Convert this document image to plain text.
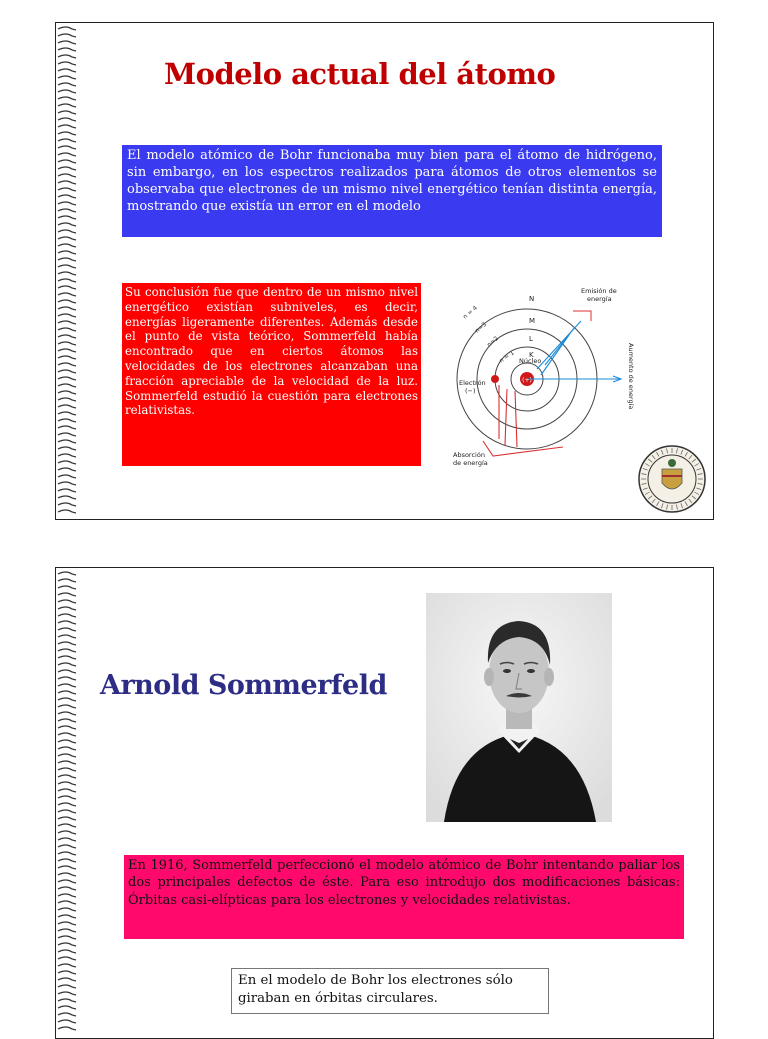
Modelo actual del átomo
El modelo atómico de Bohr funcionaba muy bien para el átomo de hidrógeno, sin embargo, en los espectros realizados para átomos de otros elementos se observaba que electrones de un mismo nivel energético tenían distinta energía, mostrando que existía un error en el modelo
Su conclusión fue que dentro de un mismo nivel energético existían subniveles, es decir, energías ligeramente diferentes. Además desde el punto de vista teórico, Sommerfeld había encontrado que en ciertos átomos las velocidades de los electrones alcanzaban una fracción apreciable de la velocidad de la luz. Sommerfeld estudió la cuestión para electrones relativistas.
(+)
Núcleo
Electrón
(−)
K
L
M
N
n = 1
n=2
n=3
n = 4
Emisión de
energía
Absorción
de energía
Aumento de energía
Arnold Sommerfeld
En 1916, Sommerfeld perfeccionó el modelo atómico de Bohr intentando paliar los dos principales defectos de éste. Para eso introdujo dos modificaciones básicas: Órbitas casi-elípticas para los electrones y velocidades relativistas.
En el modelo de Bohr los electrones sólo giraban en órbitas circulares.
